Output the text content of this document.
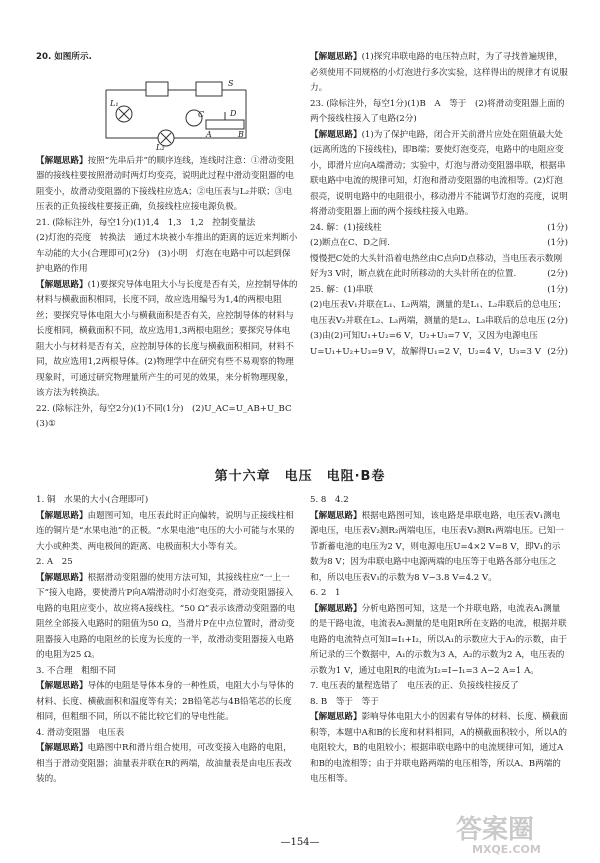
20. 如图所示.

S
C	D
A	B
L₁
L₂

【解题思路】按照“先串后并”的顺序连线，连线时注意：①滑动变阻器的接线柱要按照滑动时两灯均变亮，说明此过程中滑动变阻器的电阻变小，故滑动变阻器的下接线柱应选A；②电压表与L₂并联；③电压表的正负接线柱要接正确，负接线柱应接电源负极。

21. (除标注外，每空1分)(1)1,4　1,3　1,2　控制变量法

(2)灯泡的亮度　转换法　通过木块被小车推出的距离的远近来判断小车动能的大小(合理即可)(2分)　(3)小明　灯泡在电路中可以起到保护电路的作用

【解题思路】(1)要探究导体电阻大小与长度是否有关，应控制导体的材料与横截面积相同，长度不同，故应选用编号为1,4的两根电阻丝；要探究导体电阻大小与横截面积是否有关，应控制导体的材料与长度相同，横截面积不同，故应选用1,3两根电阻丝；要探究导体电阻大小与材料是否有关，应控制导体的长度与横截面积相同，材料不同，故应选用1,2两根导体。(2)物理学中在研究有些不易观察的物理现象时，可通过研究物理量所产生的可见的效果，来分析物理现象，该方法为转换法。

22. (除标注外，每空2分)(1)不同(1分)　(2)U_AC=U_AB+U_BC

(3)①

【解题思路】(1)探究串联电路的电压特点时，为了寻找普遍规律，必须使用不同规格的小灯泡进行多次实验，这样得出的规律才有说服力。

23. (除标注外，每空1分)(1)B　A　等于　(2)将滑动变阻器上面的两个接线柱接入了电路(2分)

【解题思路】(1)为了保护电路，闭合开关前滑片应处在阻值最大处(远离所选的下接线柱)，即B端；要使灯泡变亮，电路中的电阻应变小，即滑片应向A端滑动；实验中，灯泡与滑动变阻器串联，根据串联电路中电流的规律可知，灯泡和滑动变阻器的电流相等。(2)灯泡很亮，说明电路中的电阻很小，移动滑片不能调节灯泡的亮度，说明将滑动变阻器上面的两个接线柱接入电路。

24. 解：(1)接线柱	(1分)

(2)断点在C、D之间.	(1分)

慢慢把C处的大头针沿着电热丝由C点向D点移动，当电压表示数刚好为3 V时，断点就在此时所移动的大头针所在的位置.	(2分)

25. 解：(1)串联	(1分)

(2)电压表V₁并联在L₁、L₂两端，测量的是L₁、L₂串联后的总电压；电压表V₂并联在L₂、L₃两端，测量的是L₂、L₃串联后的总电压 (2分)

(3)由(2)可知U₁+U₂=6 V，U₂+U₃=7 V，又因为电源电压U=U₁+U₂+U₃=9 V，故解得U₁=2 V，U₂=4 V，U₃=3 V (2分)

第十六章　电压　电阻·B卷

1. 铜　水果的大小(合理即可)

【解题思路】由题图可知，电压表此时正向偏转，说明与正接线柱相连的铜片是“水果电池”的正极。“水果电池”电压的大小可能与水果的大小或种类、两电极间的距离、电极面积大小等有关。

2. A　25

【解题思路】根据滑动变阻器的使用方法可知，其接线柱应“一上一下”接入电路，要使滑片P向A端滑动时小灯泡变亮，滑动变阻器接入电路的电阻应变小，故应将A接线柱。“50 Ω”表示该滑动变阻器的电阻丝全部接入电路时的阻值为50 Ω，当滑片P在中点位置时，滑动变阻器接入电路的电阻丝的长度为长度的一半，故滑动变阻器接入电路的电阻为25 Ω。

3. 不合理　粗细不同

【解题思路】导体的电阻是导体本身的一种性质，电阻大小与导体的材料、长度、横截面积和温度等有关；2B铅笔芯与4B铅笔芯的长度相同，但粗细不同，所以不能比较它们的导电性能。

4. 滑动变阻器　电压表

【解题思路】电路图中R和滑片组合使用，可改变接入电路的电阻，相当于滑动变阻器；油量表并联在R的两端，故油量表是由电压表改装的。

5. 8　4.2

【解题思路】根据电路图可知，该电路是串联电路，电压表V₁测电源电压，电压表V₂测R₂两端电压，电压表V₃测R₁两端电压。已知一节新蓄电池的电压为2 V，则电源电压U=4×2 V=8 V，即V₁的示数为8 V；因为串联电路中电源两端的电压等于电路各部分电压之和，所以电压表V₁的示数为8 V−3.8 V=4.2 V。

6. 2　1

【解题思路】分析电路图可知，这是一个并联电路，电流表A₁测量的是干路电流，电流表A₂测量的是电阻R所在支路的电流，根据并联电路的电流特点可知I=I₁+I₂，所以A₁的示数应大于A₂的示数，由于所记录的三个数据中，A₁的示数为3 A，A₂的示数为2 A，电压表的示数为1 V，通过电阻R的电流为I₂=I−I₁=3 A−2 A=1 A。

7. 电压表的量程选错了　电压表的正、负接线柱接反了

8. B　等于　等于

【解题思路】影响导体电阻大小的因素有导体的材料、长度、横截面积等，本题中A和B的长度和材料相同，A的横截面积较小，所以A的电阻较大，B的电阻较小；根据串联电路中的电流规律可知，通过A和B的电流相等；由于并联电路两端的电压相等，所以A、B两端的电压相等。

答案圈
MXQE.COM
—154—
